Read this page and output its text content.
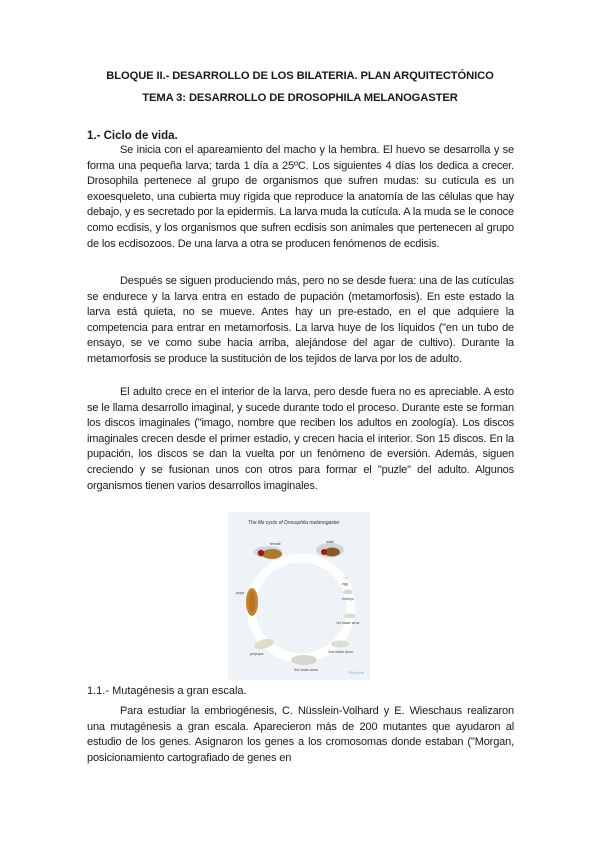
BLOQUE II.- DESARROLLO DE LOS BILATERIA. PLAN ARQUITECTÓNICO

TEMA 3: DESARROLLO DE DROSOPHILA MELANOGASTER

1.- Ciclo de vida.

Se inicia con el apareamiento del macho y la hembra. El huevo se desarrolla y se forma una pequeña larva; tarda 1 día a 25ºC. Los siguientes 4 días los dedica a crecer. Drosophila pertenece al grupo de organismos que sufren mudas: su cutícula es un exoesqueleto, una cubierta muy rígida que reproduce la anatomía de las células que hay debajo, y es secretado por la epidermis. La larva muda la cutícula. A la muda se le conoce como ecdisis, y los organismos que sufren ecdisis son animales que pertenecen al grupo de los ecdisozoos. De una larva a otra se producen fenómenos de ecdisis.

Después se siguen produciendo más, pero no se desde fuera: una de las cutículas se endurece y la larva entra en estado de pupación (metamorfosis). En este estado la larva está quieta, no se mueve. Antes hay un pre-estado, en el que adquiere la competencia para entrar en metamorfosis. La larva huye de los líquidos ("en un tubo de ensayo, se ve como sube hacia arriba, alejándose del agar de cultivo). Durante la metamorfosis se produce la sustitución de los tejidos de larva por los de adulto.

El adulto crece en el interior de la larva, pero desde fuera no es apreciable. A esto se le llama desarrollo imaginal, y sucede durante todo el proceso. Durante este se forman los discos imaginales ("imago, nombre que reciben los adultos en zoología). Los discos imaginales crecen desde el primer estadio, y crecen hacia el interior. Son 15 discos. En la pupación, los discos se dan la vuelta por un fenómeno de eversión. Además, siguen creciendo y se fusionan unos con otros para formar el "puzle" del adulto. Algunos organismos tienen varios desarrollos imaginales.

The life cycle of Drosophila melanogaster
female	male
egg
embryo
1st instar larva
2nd instar larva
3rd instar larva
prepupa
pupa
FlyMove

1.1.- Mutagénesis a gran escala.

Para estudiar la embriogénesis, C. Nüsslein-Volhard y E. Wieschaus realizaron una mutagénesis a gran escala. Aparecieron más de 200 mutantes que ayudaron al estudio de los genes. Asignaron los genes a los cromosomas donde estaban ("Morgan, posicionamiento cartografiado de genes en
